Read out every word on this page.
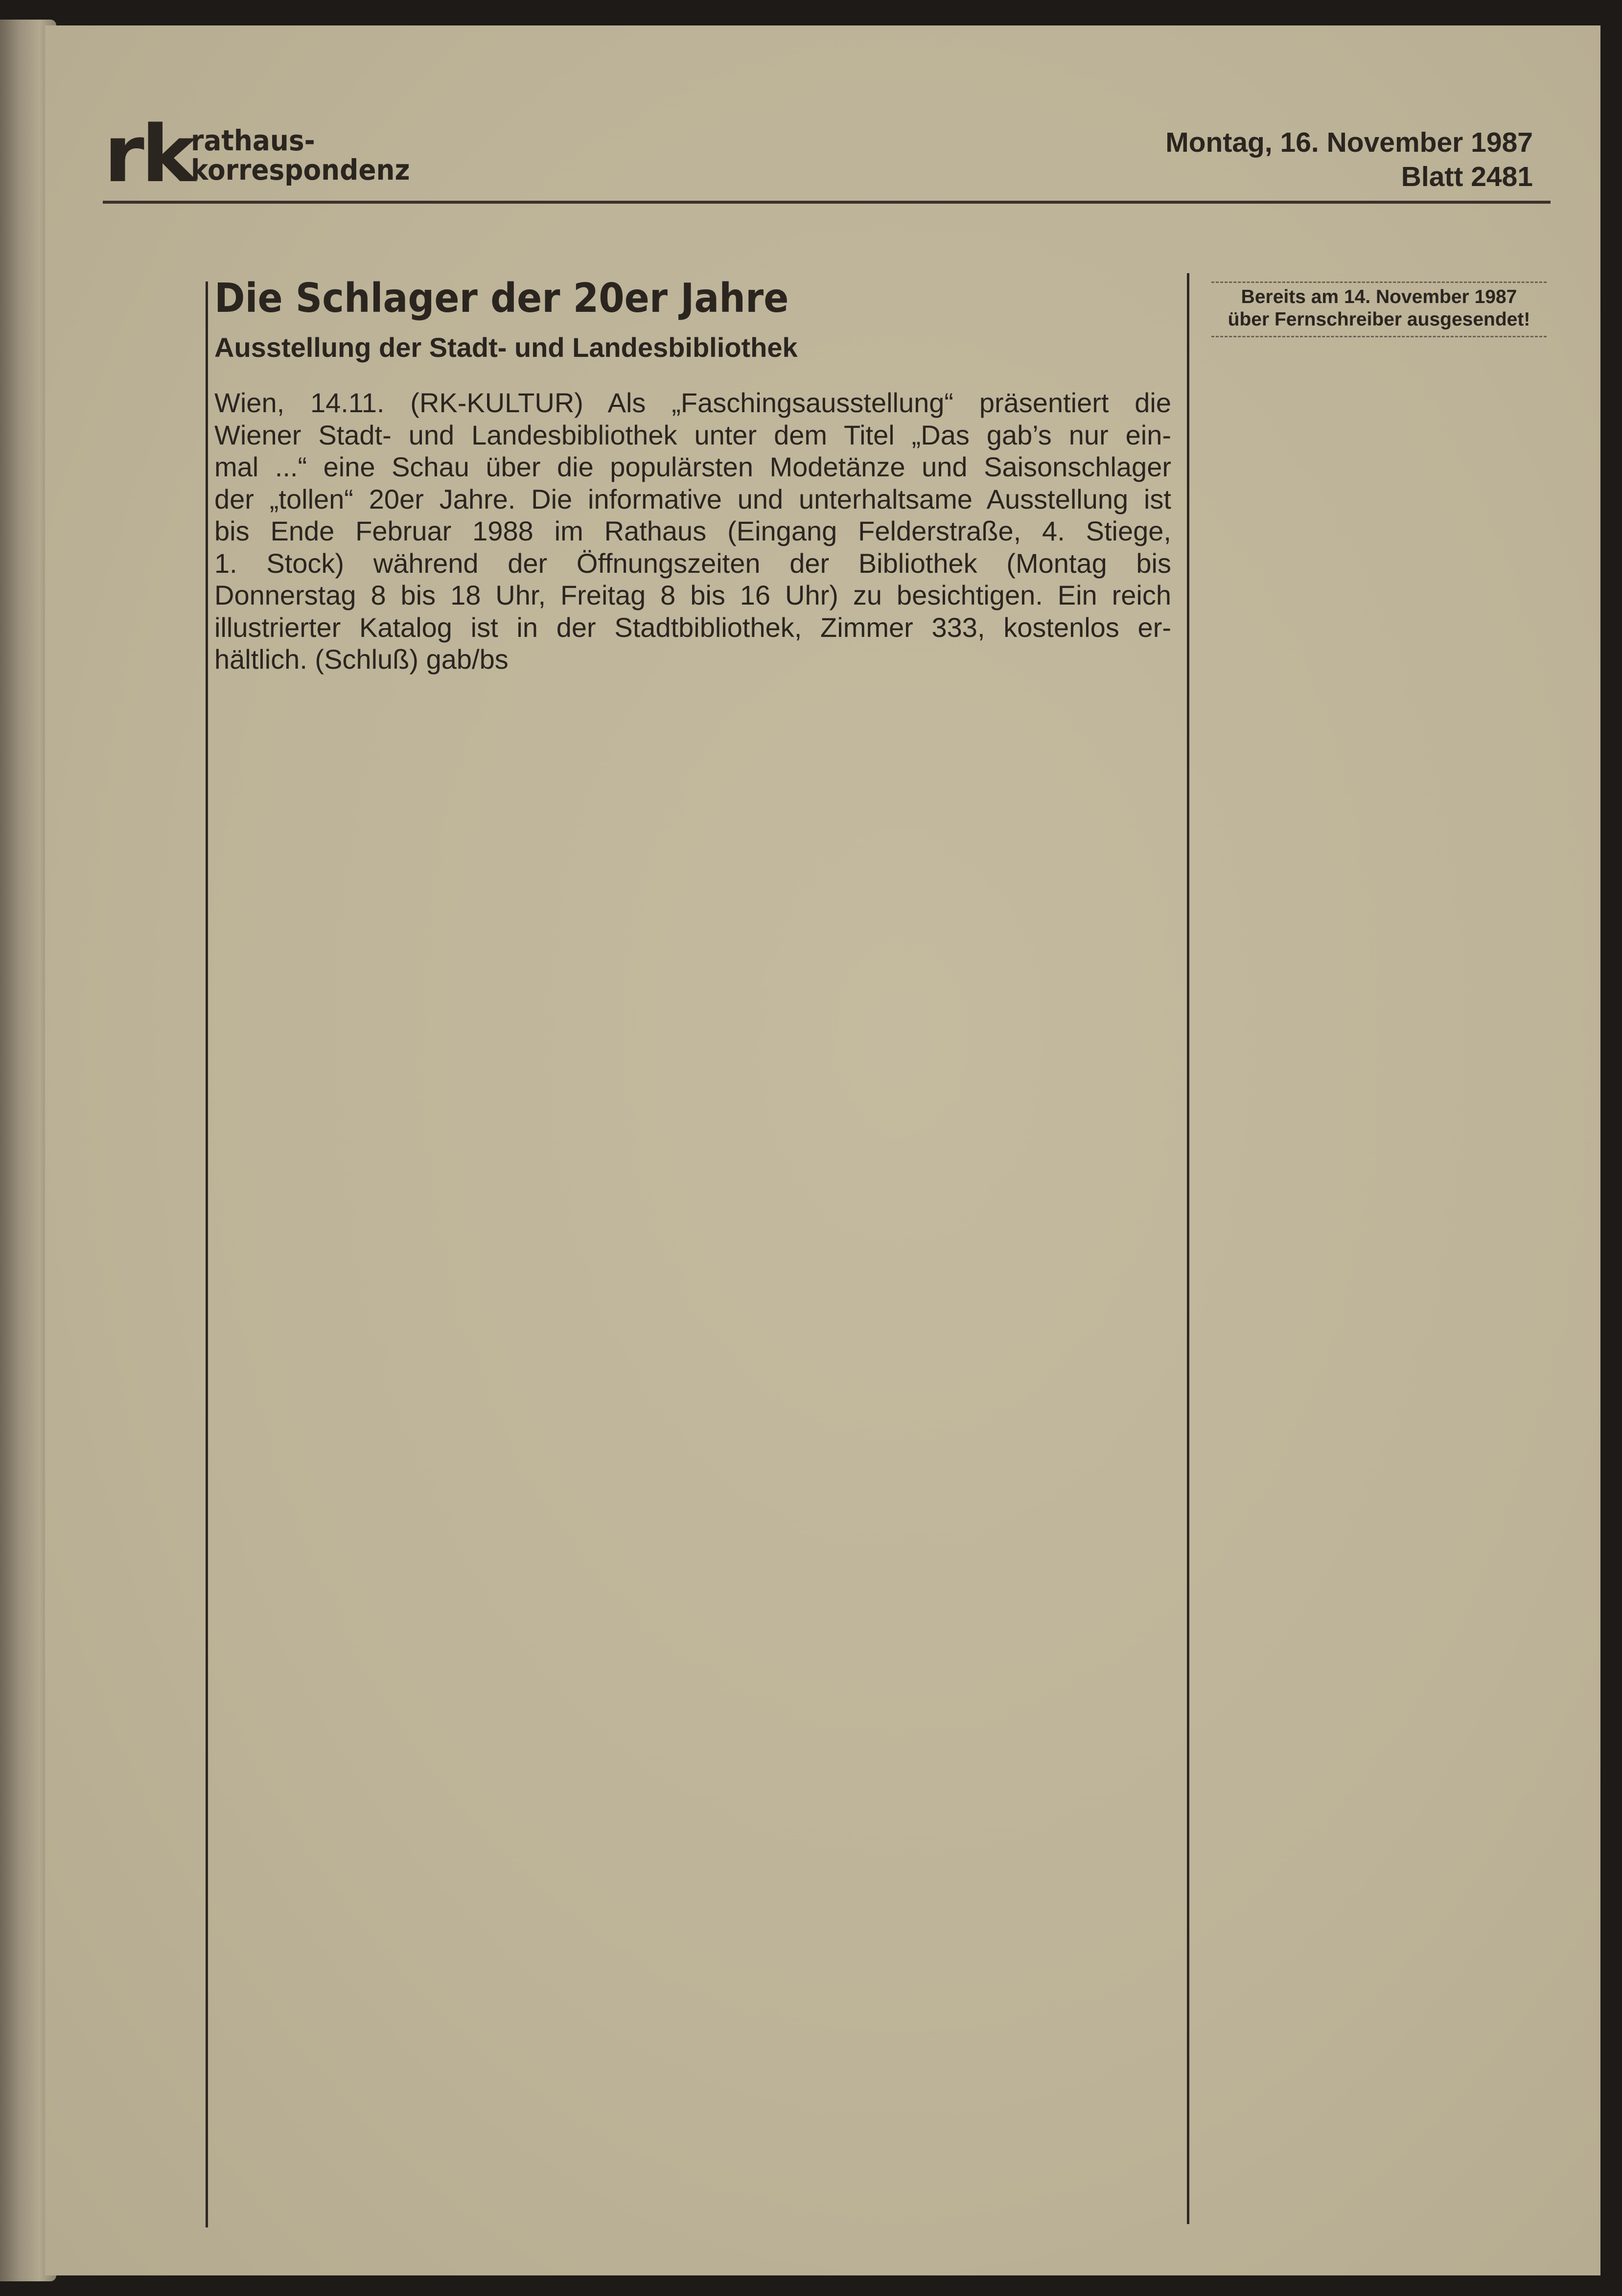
rk
rathaus-
korrespondenz
Montag, 16. November 1987
Blatt 2481
Die Schlager der 20er Jahre
Ausstellung der Stadt- und Landesbibliothek
Wien, 14.11. (RK-KULTUR) Als „Faschingsausstellung“ präsentiert die
Wiener Stadt- und Landesbibliothek unter dem Titel „Das gab’s nur ein-
mal ...“ eine Schau über die populärsten Modetänze und Saisonschlager
der „tollen“ 20er Jahre. Die informative und unterhaltsame Ausstellung ist
bis Ende Februar 1988 im Rathaus (Eingang Felderstraße, 4. Stiege,
1. Stock) während der Öffnungszeiten der Bibliothek (Montag bis
Donnerstag 8 bis 18 Uhr, Freitag 8 bis 16 Uhr) zu besichtigen. Ein reich
illustrierter Katalog ist in der Stadtbibliothek, Zimmer 333, kostenlos er-
hältlich. (Schluß) gab/bs
Bereits am 14. November 1987
über Fernschreiber ausgesendet!
